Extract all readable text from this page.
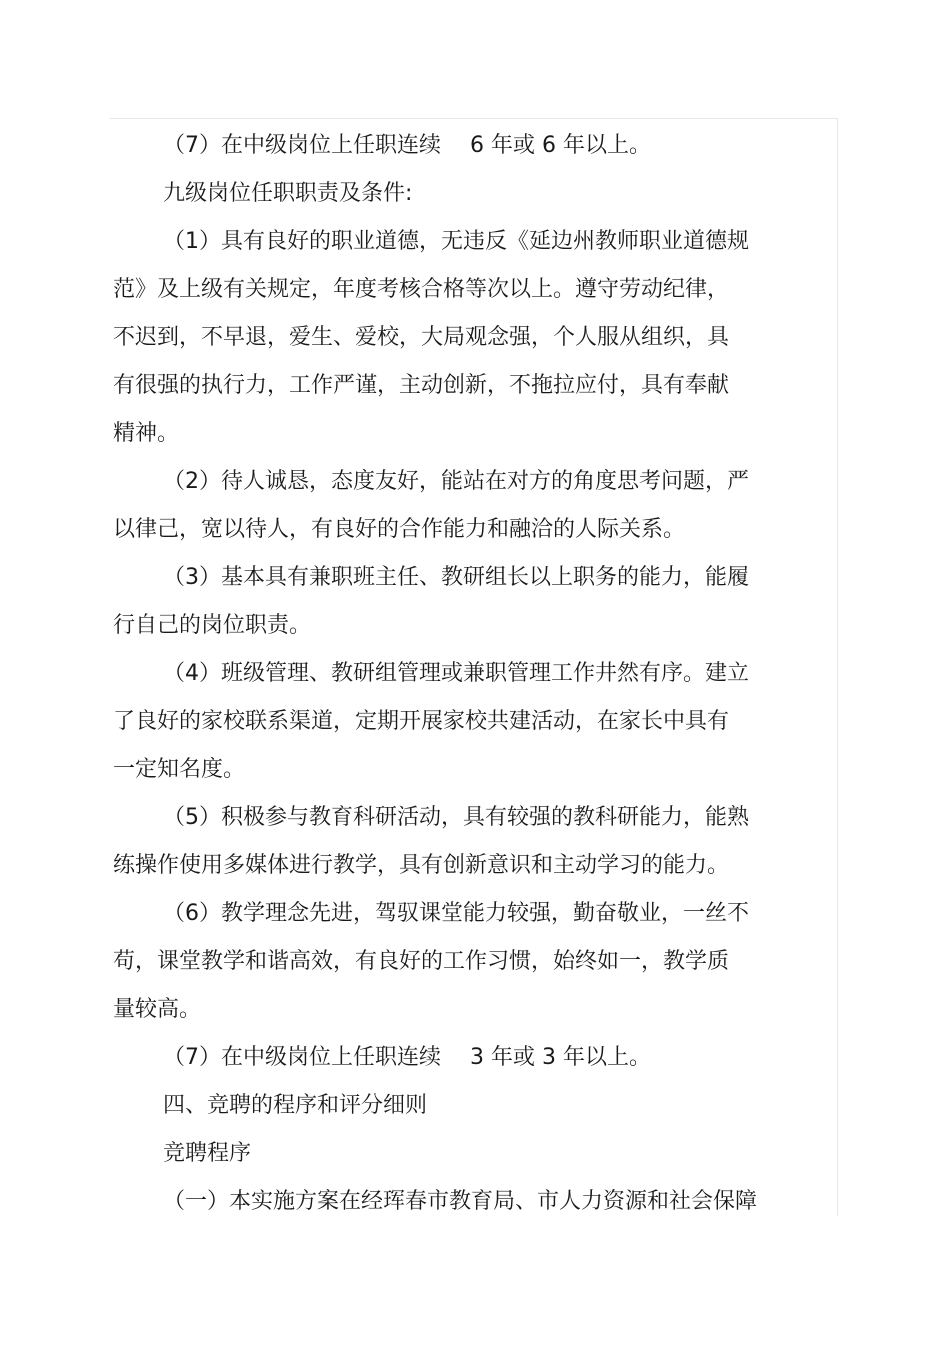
（7）在中级岗位上任职连续　 6 年或 6 年以上。
九级岗位任职职责及条件:
（1）具有良好的职业道德，无违反《延边州教师职业道德规
范》及上级有关规定，年度考核合格等次以上。遵守劳动纪律，
不迟到，不早退，爱生、爱校，大局观念强，个人服从组织，具
有很强的执行力，工作严谨，主动创新，不拖拉应付，具有奉献
精神。
（2）待人诚恳，态度友好，能站在对方的角度思考问题，严
以律己，宽以待人，有良好的合作能力和融洽的人际关系。
（3）基本具有兼职班主任、教研组长以上职务的能力，能履
行自己的岗位职责。
（4）班级管理、教研组管理或兼职管理工作井然有序。建立
了良好的家校联系渠道，定期开展家校共建活动，在家长中具有
一定知名度。
（5）积极参与教育科研活动，具有较强的教科研能力，能熟
练操作使用多媒体进行教学，具有创新意识和主动学习的能力。
（6）教学理念先进，驾驭课堂能力较强，勤奋敬业，一丝不
苟，课堂教学和谐高效，有良好的工作习惯，始终如一，教学质
量较高。
（7）在中级岗位上任职连续　 3 年或 3 年以上。
四、竞聘的程序和评分细则
竞聘程序
（一）本实施方案在经珲春市教育局、市人力资源和社会保障
